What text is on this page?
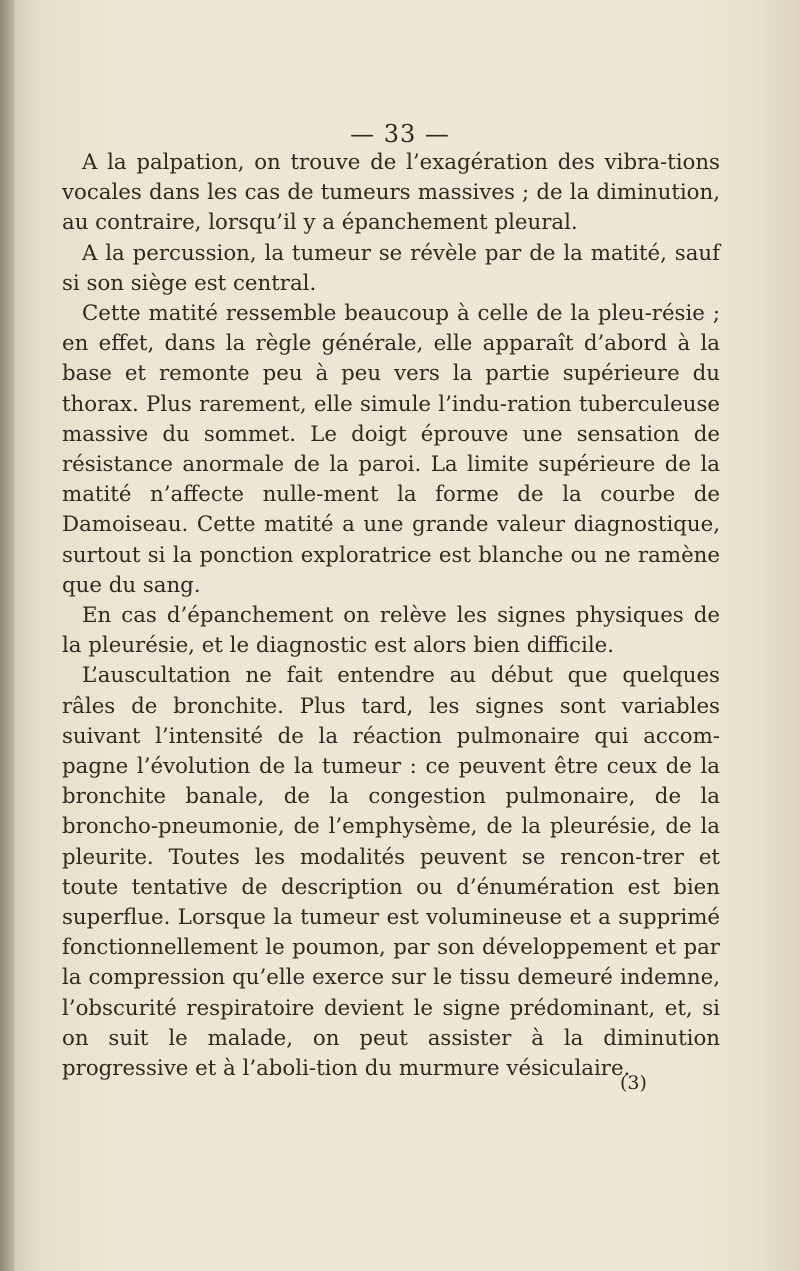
— 33 —

A la palpation, on trouve de l’exagération des vibra-tions vocales dans les cas de tumeurs massives ; de la diminution, au contraire, lorsqu’il y a épanchement pleural.

A la percussion, la tumeur se révèle par de la matité, sauf si son siège est central.

Cette matité ressemble beaucoup à celle de la pleu-résie ; en effet, dans la règle générale, elle apparaît d’abord à la base et remonte peu à peu vers la partie supérieure du thorax. Plus rarement, elle simule l’indu-ration tuberculeuse massive du sommet. Le doigt éprouve une sensation de résistance anormale de la paroi. La limite supérieure de la matité n’affecte nulle-ment la forme de la courbe de Damoiseau. Cette matité a une grande valeur diagnostique, surtout si la ponction exploratrice est blanche ou ne ramène que du sang.

En cas d’épanchement on relève les signes physiques de la pleurésie, et le diagnostic est alors bien difficile.

L’auscultation ne fait entendre au début que quelques râles de bronchite. Plus tard, les signes sont variables suivant l’intensité de la réaction pulmonaire qui accom-pagne l’évolution de la tumeur : ce peuvent être ceux de la bronchite banale, de la congestion pulmonaire, de la broncho-pneumonie, de l’emphysème, de la pleurésie, de la pleurite. Toutes les modalités peuvent se rencon-trer et toute tentative de description ou d’énumération est bien superflue. Lorsque la tumeur est volumineuse et a supprimé fonctionnellement le poumon, par son développement et par la compression qu’elle exerce sur le tissu demeuré indemne, l’obscurité respiratoire devient le signe prédominant, et, si on suit le malade, on peut assister à la diminution progressive et à l’aboli-tion du murmure vésiculaire.

(3)
